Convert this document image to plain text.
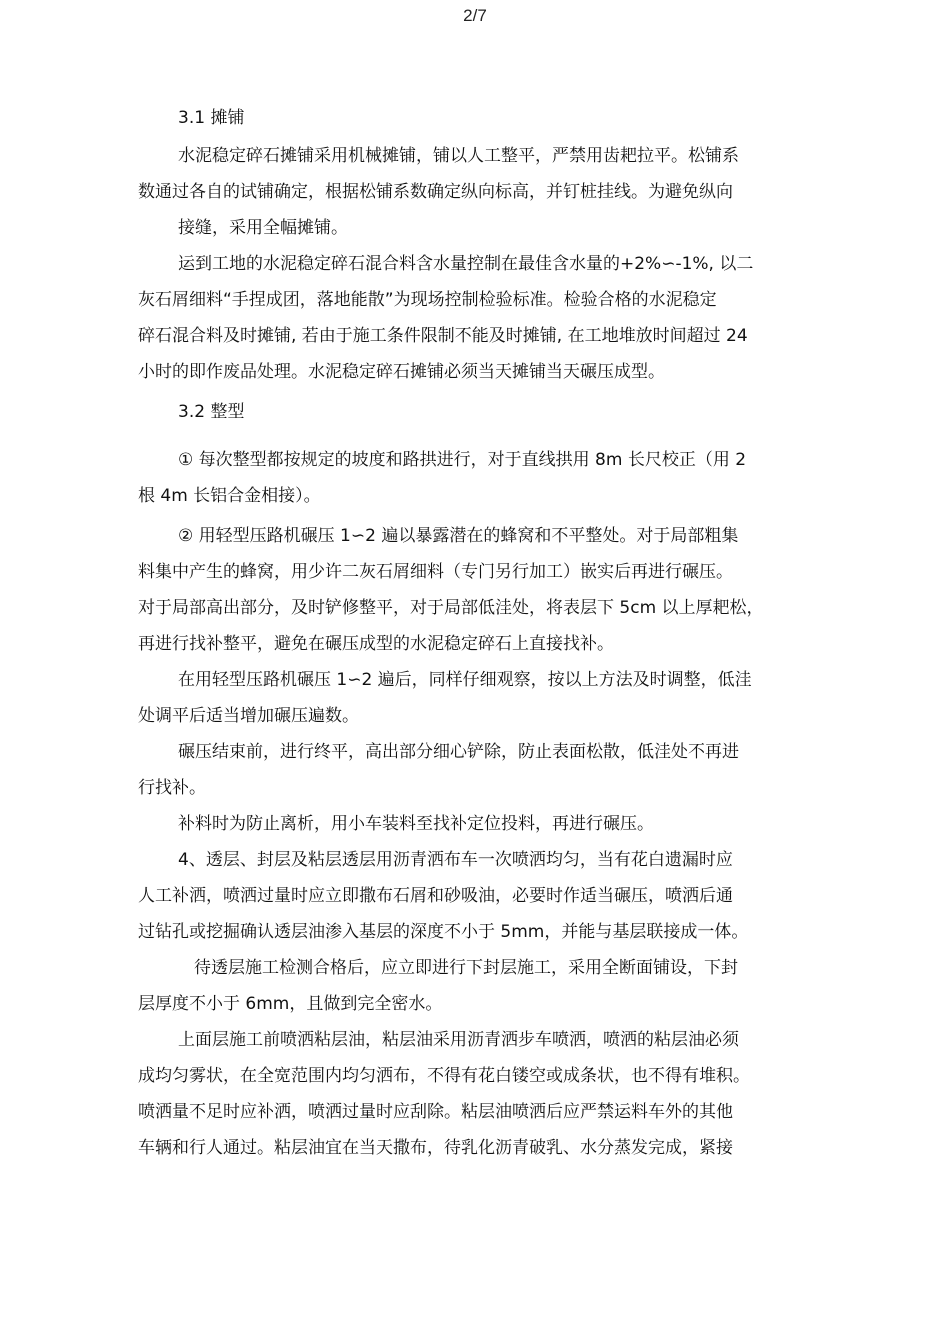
2/7
3.1 摊铺
水泥稳定碎石摊铺采用机械摊铺，铺以人工整平，严禁用齿耙拉平。松铺系
数通过各自的试铺确定，根据松铺系数确定纵向标高，并钉桩挂线。为避免纵向
接缝，采用全幅摊铺。
运到工地的水泥稳定碎石混合料含水量控制在最佳含水量的+2%∽-1%, 以二
灰石屑细料“手捏成团，落地能散”为现场控制检验标准。检验合格的水泥稳定
碎石混合料及时摊铺, 若由于施工条件限制不能及时摊铺, 在工地堆放时间超过 24
小时的即作废品处理。水泥稳定碎石摊铺必须当天摊铺当天碾压成型。
3.2 整型
① 每次整型都按规定的坡度和路拱进行，对于直线拱用 8m 长尺校正（用 2
根 4m 长铝合金相接）。
② 用轻型压路机碾压 1∽2 遍以暴露潜在的蜂窝和不平整处。对于局部粗集
料集中产生的蜂窝，用少许二灰石屑细料（专门另行加工）嵌实后再进行碾压。
对于局部高出部分，及时铲修整平，对于局部低洼处，将表层下 5cm 以上厚耙松，
再进行找补整平，避免在碾压成型的水泥稳定碎石上直接找补。
在用轻型压路机碾压 1∽2 遍后，同样仔细观察，按以上方法及时调整，低洼
处调平后适当增加碾压遍数。
碾压结束前，进行终平，高出部分细心铲除，防止表面松散，低洼处不再进
行找补。
补料时为防止离析，用小车装料至找补定位投料，再进行碾压。
4、透层、封层及粘层透层用沥青洒布车一次喷洒均匀，当有花白遗漏时应
人工补洒，喷洒过量时应立即撒布石屑和砂吸油，必要时作适当碾压，喷洒后通
过钻孔或挖掘确认透层油渗入基层的深度不小于 5mm，并能与基层联接成一体。
待透层施工检测合格后，应立即进行下封层施工，采用全断面铺设，下封
层厚度不小于 6mm，且做到完全密水。
上面层施工前喷洒粘层油，粘层油采用沥青洒步车喷洒，喷洒的粘层油必须
成均匀雾状，在全宽范围内均匀洒布，不得有花白镂空或成条状，也不得有堆积。
喷洒量不足时应补洒，喷洒过量时应刮除。粘层油喷洒后应严禁运料车外的其他
车辆和行人通过。粘层油宜在当天撒布，待乳化沥青破乳、水分蒸发完成，紧接
